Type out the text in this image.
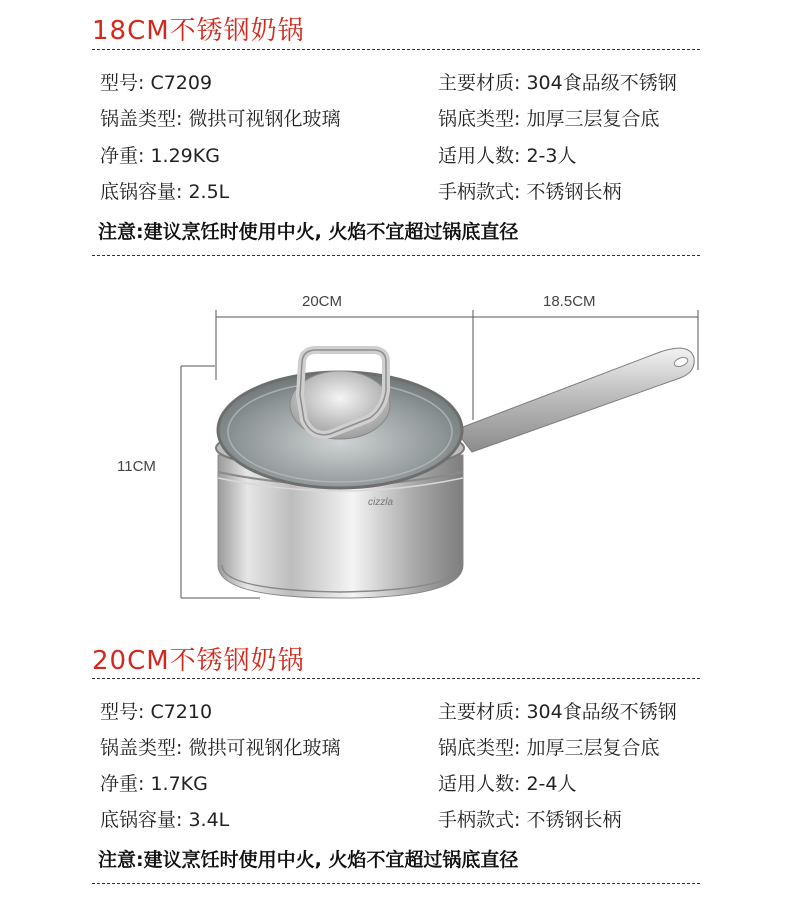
18CM不锈钢奶锅
型号: C7209
锅盖类型: 微拱可视钢化玻璃
净重: 1.29KG
底锅容量: 2.5L
主要材质: 304食品级不锈钢
锅底类型: 加厚三层复合底
适用人数: 2-3人
手柄款式: 不锈钢长柄
注意:建议烹饪时使用中火, 火焰不宜超过锅底直径
20CM	18.5CM
11CM
cizzla
20CM不锈钢奶锅
型号: C7210
锅盖类型: 微拱可视钢化玻璃
净重: 1.7KG
底锅容量: 3.4L
主要材质: 304食品级不锈钢
锅底类型: 加厚三层复合底
适用人数: 2-4人
手柄款式: 不锈钢长柄
注意:建议烹饪时使用中火, 火焰不宜超过锅底直径
